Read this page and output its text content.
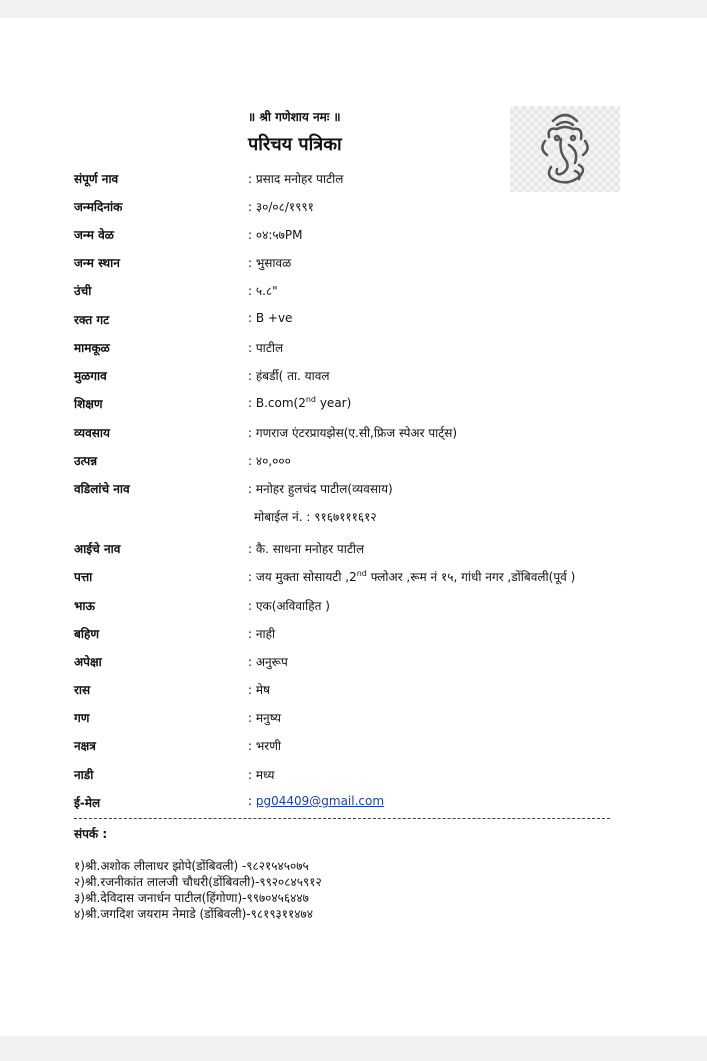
॥ श्री गणेशाय नमः ॥
परिचय पत्रिका
संपूर्ण नाव	: प्रसाद मनोहर पाटील
जन्मदिनांक	: ३०/०८/१९९१
जन्म वेळ	: ०४:५७PM
जन्म स्थान	: भुसावळ
उंची	: ५.८"
रक्त गट	: B +ve
मामकूळ	: पाटील
मुळगाव	: हंबर्डी( ता. यावल
शिक्षण	: B.com(2nd year)
व्यवसाय	: गणराज एंटरप्रायझेस(ए.सी,फ्रिज स्पेअर पार्ट्स)
उत्पन्न	: ४०,०००
वडिलांचे नाव	: मनोहर हुलचंद पाटील(व्यवसाय)
मोबाईल नं. : ९१६७१११६१२
आईचे नाव	: कै. साधना मनोहर पाटील
पत्ता	: जय मुक्ता सोसायटी ,2nd फ्लोअर ,रूम नं १५, गांधी नगर ,डोंबिवली(पूर्व )
भाऊ	: एक(अविवाहित )
बहिण	: नाही
अपेक्षा	: अनुरूप
रास	: मेष
गण	: मनुष्य
नक्षत्र	: भरणी
नाडी	: मध्य
ई-मेल	: pg04409@gmail.com
संपर्क :
१)श्री.अशोक लीलाधर झोपे(डोंबिवली) -९८२१५४५०७५
२)श्री.रजनीकांत लालजी चौधरी(डोंबिवली)-९९२०८४५९१२
३)श्री.देविदास जनार्धन पाटील(हिंगोणा)-९९७०४५६४४७
४)श्री.जगदिश जयराम नेमाडे (डोंबिवली)-९८१९३११४७४
